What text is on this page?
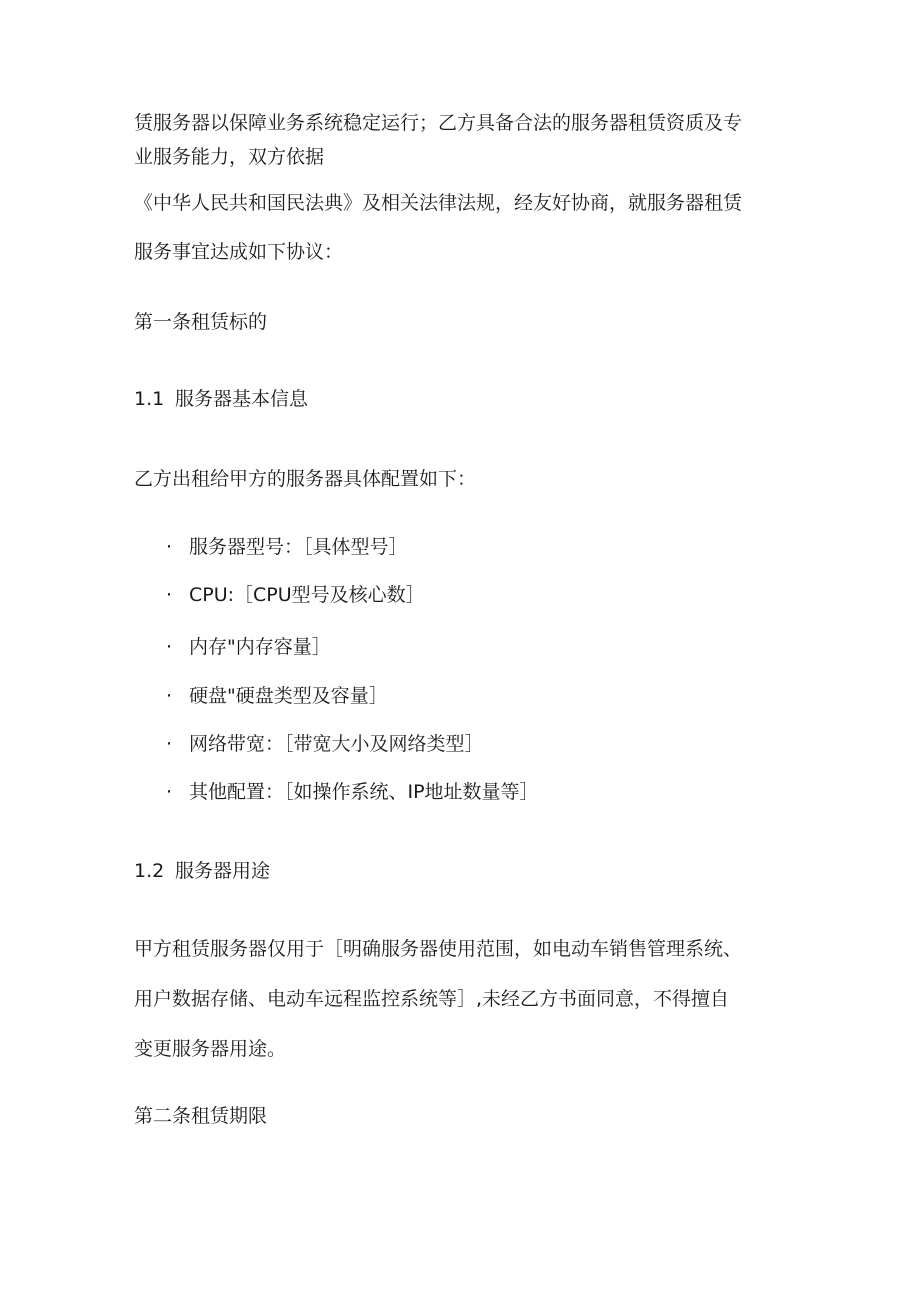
赁服务器以保障业务系统稳定运行；乙方具备合法的服务器租赁资质及专
业服务能力，双方依据
《中华人民共和国民法典》及相关法律法规，经友好协商，就服务器租赁
服务事宜达成如下协议：
第一条租赁标的
1.1 服务器基本信息
乙方出租给甲方的服务器具体配置如下：
· 服务器型号：［具体型号］
· CPU:［CPU型号及核心数］
· 内存"内存容量］
· 硬盘"硬盘类型及容量］
· 网络带宽：［带宽大小及网络类型］
· 其他配置：［如操作系统、IP地址数量等］
1.2 服务器用途
甲方租赁服务器仅用于［明确服务器使用范围，如电动车销售管理系统、
用户数据存储、电动车远程监控系统等］,未经乙方书面同意，不得擅自
变更服务器用途。
第二条租赁期限
